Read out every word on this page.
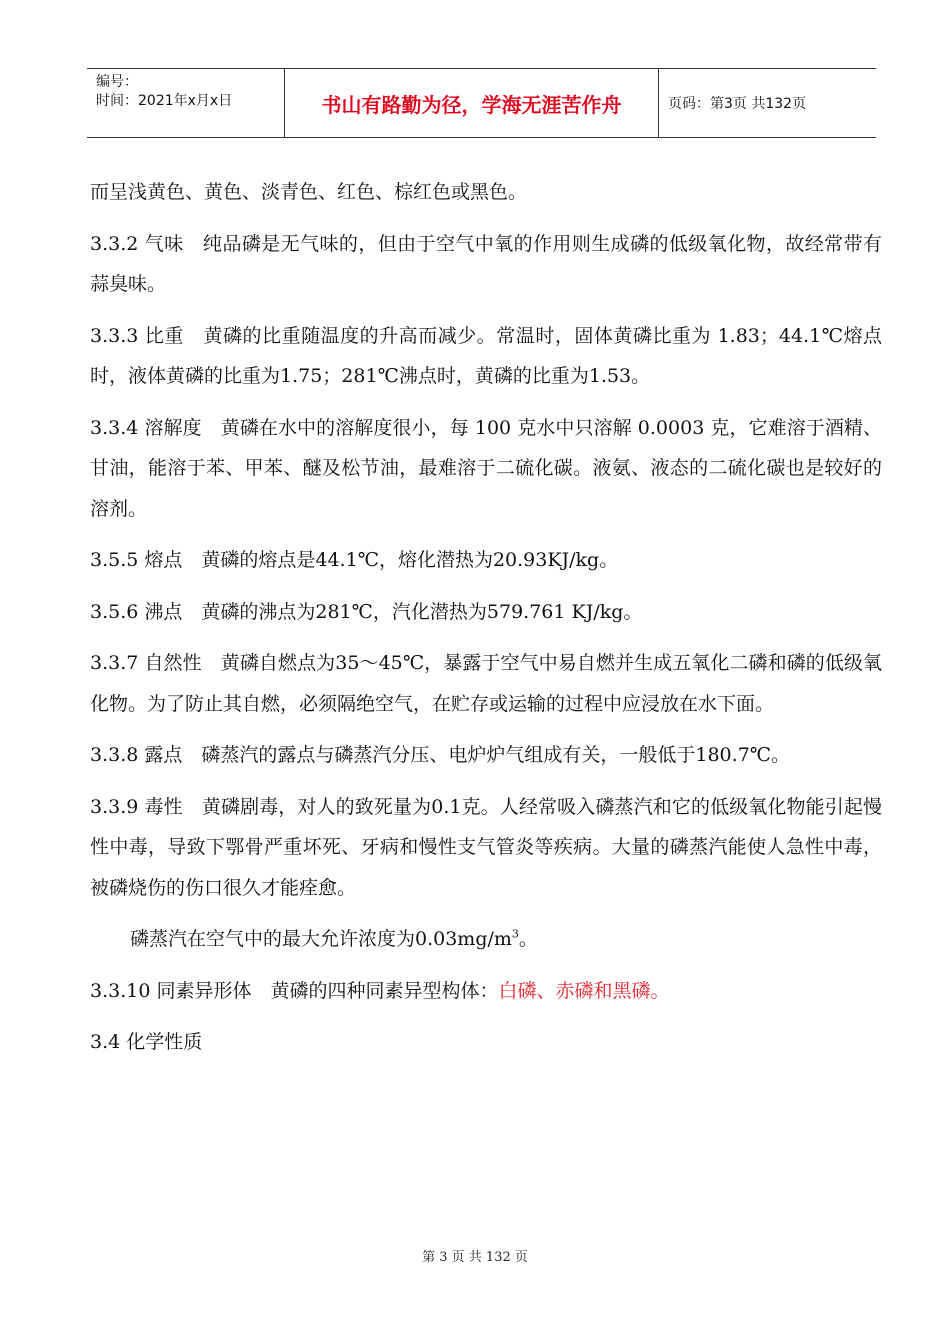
编号：
时间：2021年x月x日	书山有路勤为径，学海无涯苦作舟	页码：第3页 共132页

而呈浅黄色、黄色、淡青色、红色、棕红色或黑色。

3.3.2 气味　纯品磷是无气味的，但由于空气中氧的作用则生成磷的低级氧化物，故经常带有蒜臭味。

3.3.3 比重　黄磷的比重随温度的升高而减少。常温时，固体黄磷比重为 1.83；44.1℃熔点时，液体黄磷的比重为1.75；281℃沸点时，黄磷的比重为1.53。

3.3.4 溶解度　黄磷在水中的溶解度很小，每 100 克水中只溶解 0.0003 克，它难溶于酒精、甘油，能溶于苯、甲苯、醚及松节油，最难溶于二硫化碳。液氨、液态的二硫化碳也是较好的溶剂。

3.5.5 熔点　黄磷的熔点是44.1℃，熔化潜热为20.93KJ/kg。

3.5.6 沸点　黄磷的沸点为281℃，汽化潜热为579.761 KJ/kg。

3.3.7 自然性　黄磷自燃点为35～45℃，暴露于空气中易自燃并生成五氧化二磷和磷的低级氧化物。为了防止其自燃，必须隔绝空气，在贮存或运输的过程中应浸放在水下面。

3.3.8 露点　磷蒸汽的露点与磷蒸汽分压、电炉炉气组成有关，一般低于180.7℃。

3.3.9 毒性　黄磷剧毒，对人的致死量为0.1克。人经常吸入磷蒸汽和它的低级氧化物能引起慢性中毒，导致下鄂骨严重坏死、牙病和慢性支气管炎等疾病。大量的磷蒸汽能使人急性中毒，被磷烧伤的伤口很久才能痊愈。

磷蒸汽在空气中的最大允许浓度为$0.03mg/m^3$。

3.3.10 同素异形体　黄磷的四种同素异型构体：白磷、赤磷和黑磷。

3.4 化学性质

第 3 页 共 132 页
